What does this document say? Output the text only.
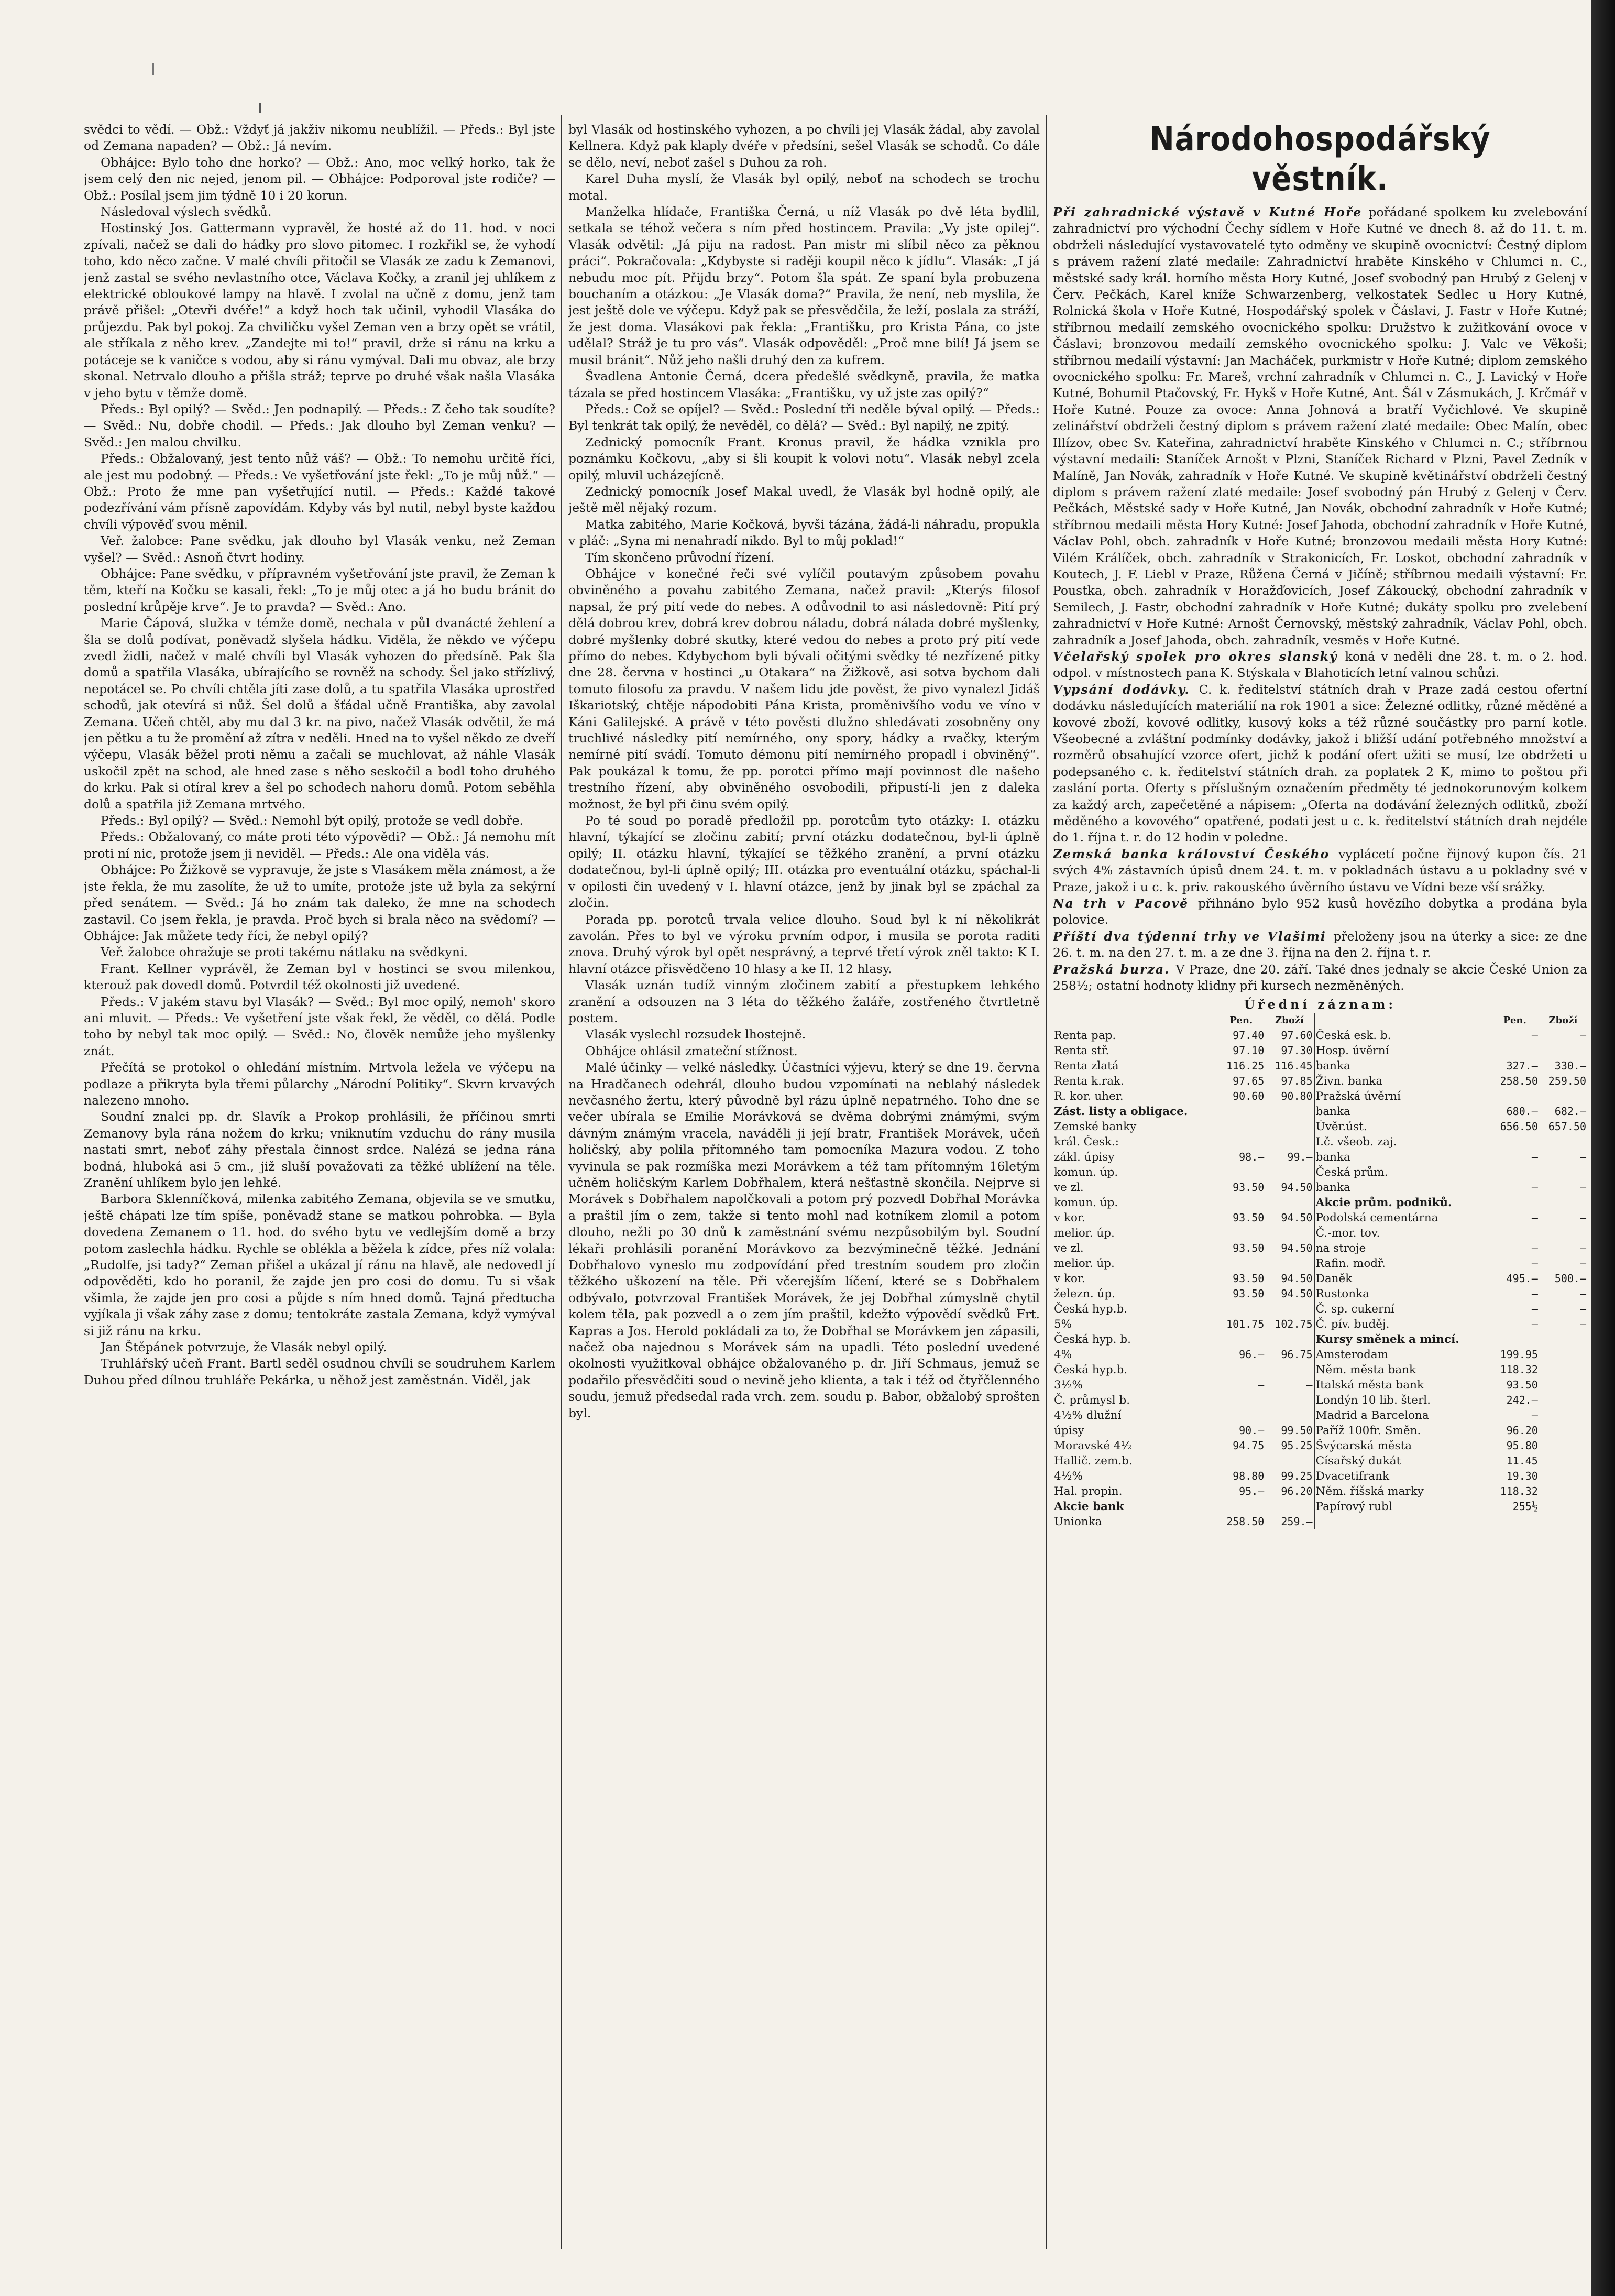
svědci to vědí. — Obž.: Vždyť já jakživ nikomu neublížil. — Předs.: Byl jste od Zemana napaden? — Obž.: Já nevím.

Obhájce: Bylo toho dne horko? — Obž.: Ano, moc velký horko, tak že jsem celý den nic nejed, jenom pil. — Obhájce: Podporoval jste rodiče? — Obž.: Posílal jsem jim týdně 10 i 20 korun.

Následoval výslech svědků.

Hostinský Jos. Gattermann vypravěl, že hosté až do 11. hod. v noci zpívali, načež se dali do hádky pro slovo pitomec. I rozkřikl se, že vyhodí toho, kdo něco začne. V malé chvíli přitočil se Vlasák ze zadu k Zemanovi, jenž zastal se svého nevlastního otce, Václava Kočky, a zranil jej uhlíkem z elektrické obloukové lampy na hlavě. I zvolal na učně z domu, jenž tam právě přišel: „Otevři dvéře!“ a když hoch tak učinil, vyhodil Vlasáka do průjezdu. Pak byl pokoj. Za chviličku vyšel Zeman ven a brzy opět se vrátil, ale stříkala z něho krev. „Zandejte mi to!“ pravil, drže si ránu na krku a potáceje se k vaničce s vodou, aby si ránu vymýval. Dali mu obvaz, ale brzy skonal. Netrvalo dlouho a přišla stráž; teprve po druhé však našla Vlasáka v jeho bytu v těmže domě.

Předs.: Byl opilý? — Svěd.: Jen podnapilý. — Předs.: Z čeho tak soudíte? — Svěd.: Nu, dobře chodil. — Předs.: Jak dlouho byl Zeman venku? — Svěd.: Jen malou chvilku.

Předs.: Obžalovaný, jest tento nůž váš? — Obž.: To nemohu určitě říci, ale jest mu podobný. — Předs.: Ve vyšetřování jste řekl: „To je můj nůž.“ — Obž.: Proto že mne pan vyšetřující nutil. — Předs.: Každé takové podezřívání vám přísně zapovídám. Kdyby vás byl nutil, nebyl byste každou chvíli výpověď svou měnil.

Veř. žalobce: Pane svědku, jak dlouho byl Vlasák venku, než Zeman vyšel? — Svěd.: Asnoň čtvrt hodiny.

Obhájce: Pane svědku, v přípravném vyšetřování jste pravil, že Zeman k těm, kteří na Kočku se kasali, řekl: „To je můj otec a já ho budu bránit do poslední krůpěje krve“. Je to pravda? — Svěd.: Ano.

Marie Čápová, služka v témže domě, nechala v půl dvanácté žehlení a šla se dolů podívat, poněvadž slyšela hádku. Viděla, že někdo ve výčepu zvedl židli, načež v malé chvíli byl Vlasák vyhozen do předsíně. Pak šla domů a spatřila Vlasáka, ubírajícího se rovněž na schody. Šel jako střízlivý, nepotácel se. Po chvíli chtěla jíti zase dolů, a tu spatřila Vlasáka uprostřed schodů, jak otevírá si nůž. Šel dolů a šťádal učně Františka, aby zavolal Zemana. Učeň chtěl, aby mu dal 3 kr. na pivo, načež Vlasák odvětil, že má jen pětku a tu že promění až zítra v neděli. Hned na to vyšel někdo ze dveří výčepu, Vlasák běžel proti němu a začali se muchlovat, až náhle Vlasák uskočil zpět na schod, ale hned zase s něho seskočil a bodl toho druhého do krku. Pak si otíral krev a šel po schodech nahoru domů. Potom seběhla dolů a spatřila již Zemana mrtvého.

Předs.: Byl opilý? — Svěd.: Nemohl být opilý, protože se vedl dobře.

Předs.: Obžalovaný, co máte proti této výpovědi? — Obž.: Já nemohu mít proti ní nic, protože jsem ji neviděl. — Předs.: Ale ona viděla vás.

Obhájce: Po Žižkově se vypravuje, že jste s Vlasákem měla známost, a že jste řekla, že mu zasolíte, že už to umíte, protože jste už byla za sekýrní před senátem. — Svěd.: Já ho znám tak daleko, že mne na schodech zastavil. Co jsem řekla, je pravda. Proč bych si brala něco na svědomí? — Obhájce: Jak můžete tedy říci, že nebyl opilý?

Veř. žalobce ohražuje se proti takému nátlaku na svědkyni.

Frant. Kellner vyprávěl, že Zeman byl v hostinci se svou milenkou, kterouž pak dovedl domů. Potvrdil též okolnosti již uvedené.

Předs.: V jakém stavu byl Vlasák? — Svěd.: Byl moc opilý, nemoh' skoro ani mluvit. — Předs.: Ve vyšetření jste však řekl, že věděl, co dělá. Podle toho by nebyl tak moc opilý. — Svěd.: No, člověk nemůže jeho myšlenky znát.

Přečítá se protokol o ohledání místním. Mrtvola ležela ve výčepu na podlaze a přikryta byla třemi půlarchy „Národní Politiky“. Skvrn krvavých nalezeno mnoho.

Soudní znalci pp. dr. Slavík a Prokop prohlásili, že příčinou smrti Zemanovy byla rána nožem do krku; vniknutím vzduchu do rány musila nastati smrt, neboť záhy přestala činnost srdce. Nalézá se jedna rána bodná, hluboká asi 5 cm., již sluší považovati za těžké ublížení na těle. Zranění uhlíkem bylo jen lehké.

Barbora Sklenníčková, milenka zabitého Zemana, objevila se ve smutku, ještě chápati lze tím spíše, poněvadž stane se matkou pohrobka. — Byla dovedena Zemanem o 11. hod. do svého bytu ve vedlejším domě a brzy potom zaslechla hádku. Rychle se oblékla a běžela k zídce, přes níž volala: „Rudolfe, jsi tady?“ Zeman přišel a ukázal jí ránu na hlavě, ale nedovedl jí odpověděti, kdo ho poranil, že zajde jen pro cosi do domu. Tu si však všimla, že zajde jen pro cosi a půjde s ním hned domů. Tajná předtucha vyjíkala ji však záhy zase z domu; tentokráte zastala Zemana, když vymýval si již ránu na krku.

Jan Štěpánek potvrzuje, že Vlasák nebyl opilý.

Truhlářský učeň Frant. Bartl seděl osudnou chvíli se soudruhem Karlem Duhou před dílnou truhláře Pekárka, u něhož jest zaměstnán. Viděl, jak

byl Vlasák od hostinského vyhozen, a po chvíli jej Vlasák žádal, aby zavolal Kellnera. Když pak klaply dvéře v předsíni, sešel Vlasák se schodů. Co dále se dělo, neví, neboť zašel s Duhou za roh.

Karel Duha myslí, že Vlasák byl opilý, neboť na schodech se trochu motal.

Manželka hlídače, Františka Černá, u níž Vlasák po dvě léta bydlil, setkala se téhož večera s ním před hostincem. Pravila: „Vy jste opilej“. Vlasák odvětil: „Já piju na radost. Pan mistr mi slíbil něco za pěknou práci“. Pokračovala: „Kdybyste si raději koupil něco k jídlu“. Vlasák: „I já nebudu moc pít. Přijdu brzy“. Potom šla spát. Ze spaní byla probuzena bouchaním a otázkou: „Je Vlasák doma?“ Pravila, že není, neb myslila, že jest ještě dole ve výčepu. Když pak se přesvědčila, že leží, poslala za stráží, že jest doma. Vlasákovi pak řekla: „Františku, pro Krista Pána, co jste udělal? Stráž je tu pro vás“. Vlasák odpověděl: „Proč mne bilí! Já jsem se musil bránit“. Nůž jeho našli druhý den za kufrem.

Švadlena Antonie Černá, dcera předešlé svědkyně, pravila, že matka tázala se před hostincem Vlasáka: „Františku, vy už jste zas opilý?“

Předs.: Což se opíjel? — Svěd.: Poslední tři neděle býval opilý. — Předs.: Byl tenkrát tak opilý, že nevěděl, co dělá? — Svěd.: Byl napilý, ne zpitý.

Zednický pomocník Frant. Kronus pravil, že hádka vznikla pro poznámku Kočkovu, „aby si šli koupit k volovi notu“. Vlasák nebyl zcela opilý, mluvil ucházejícně.

Zednický pomocník Josef Makal uvedl, že Vlasák byl hodně opilý, ale ještě měl nějaký rozum.

Matka zabitého, Marie Kočková, byvši tázána, žádá-li náhradu, propukla v pláč: „Syna mi nenahradí nikdo. Byl to můj poklad!“

Tím skončeno průvodní řízení.

Obhájce v konečné řeči své vylíčil poutavým způsobem povahu obviněného a povahu zabitého Zemana, načež pravil: „Kterýs filosof napsal, že prý pití vede do nebes. A odůvodnil to asi následovně: Pití prý dělá dobrou krev, dobrá krev dobrou náladu, dobrá nálada dobré myšlenky, dobré myšlenky dobré skutky, které vedou do nebes a proto prý pití vede přímo do nebes. Kdybychom byli bývali očitými svědky té nezřízené pitky dne 28. června v hostinci „u Otakara“ na Žižkově, asi sotva bychom dali tomuto filosofu za pravdu. V našem lidu jde pověst, že pivo vynalezl Jidáš Iškariotský, chtěje nápodobiti Pána Krista, proměnivšího vodu ve víno v Káni Galilejské. A právě v této pověsti dlužno shledávati zosobněny ony truchlivé následky pití nemírného, ony spory, hádky a rvačky, kterým nemírné pití svádí. Tomuto démonu pití nemírného propadl i obviněný“. Pak poukázal k tomu, že pp. porotci přímo mají povinnost dle našeho trestního řízení, aby obviněného osvobodili, připustí-li jen z daleka možnost, že byl při činu svém opilý.

Po té soud po poradě předložil pp. porotcům tyto otázky: I. otázku hlavní, týkající se zločinu zabití; první otázku dodatečnou, byl-li úplně opilý; II. otázku hlavní, týkající se těžkého zranění, a první otázku dodatečnou, byl-li úplně opilý; III. otázka pro eventuální otázku, spáchal-li v opilosti čin uvedený v I. hlavní otázce, jenž by jinak byl se zpáchal za zločin.

Porada pp. porotců trvala velice dlouho. Soud byl k ní několikrát zavolán. Přes to byl ve výroku prvním odpor, i musila se porota raditi znova. Druhý výrok byl opět nesprávný, a teprvé třetí výrok zněl takto: K I. hlavní otázce přisvědčeno 10 hlasy a ke II. 12 hlasy.

Vlasák uznán tudíž vinným zločinem zabití a přestupkem lehkého zranění a odsouzen na 3 léta do těžkého žaláře, zostřeného čtvrtletně postem.

Vlasák vyslechl rozsudek lhostejně.

Obhájce ohlásil zmateční stížnost.

Malé účinky — velké následky. Účastníci výjevu, který se dne 19. června na Hradčanech odehrál, dlouho budou vzpomínati na neblahý následek nevčasného žertu, který původně byl rázu úplně nepatrného. Toho dne se večer ubírala se Emilie Morávková se dvěma dobrými známými, svým dávným známým vracela, naváděli ji její bratr, František Morávek, učeň holičský, aby polila přítomného tam pomocníka Mazura vodou. Z toho vyvinula se pak rozmíška mezi Morávkem a též tam přítomným 16letým učněm holičským Karlem Dobřhalem, která nešťastně skončila. Nejprve si Morávek s Dobřhalem napolčkovali a potom prý pozvedl Dobřhal Morávka a praštil jím o zem, takže si tento mohl nad kotníkem zlomil a potom dlouho, nežli po 30 dnů k zaměstnání svému nezpůsobilým byl. Soudní lékaři prohlásili poranění Morávkovo za bezvýminečně těžké. Jednání Dobřhalovo vyneslo mu zodpovídání před trestním soudem pro zločin těžkého uškození na těle. Při včerejším líčení, které se s Dobřhalem odbývalo, potvrzoval František Morávek, že jej Dobřhal zúmyslně chytil kolem těla, pak pozvedl a o zem jím praštil, kdežto výpovědí svědků Frt. Kapras a Jos. Herold pokládali za to, že Dobřhal se Morávkem jen zápasili, načež oba najednou s Morávek sám na upadli. Této poslední uvedené okolnosti využitkoval obhájce obžalovaného p. dr. Jiří Schmaus, jemuž se podařilo přesvědčiti soud o nevině jeho klienta, a tak i též od čtyřčlenného soudu, jemuž předsedal rada vrch. zem. soudu p. Babor, obžalobý sprošten byl.

Národohospodářský věstník.

Při zahradnické výstavě v Kutné Hoře pořádané spolkem ku zvelebování zahradnictví pro východní Čechy sídlem v Hoře Kutné ve dnech 8. až do 11. t. m. obdrželi následující vystavovatelé tyto odměny ve skupině ovocnictví: Čestný diplom s právem ražení zlaté medaile: Zahradnictví hraběte Kinského v Chlumci n. C., městské sady král. horního města Hory Kutné, Josef svobodný pan Hrubý z Gelenj v Červ. Pečkách, Karel kníže Schwarzenberg, velkostatek Sedlec u Hory Kutné, Rolnická škola v Hoře Kutné, Hospodářský spolek v Čáslavi, J. Fastr v Hoře Kutné; stříbrnou medailí zemského ovocnického spolku: Družstvo k zužitkování ovoce v Čáslavi; bronzovou medailí zemského ovocnického spolku: J. Valc ve Věkoši; stříbrnou medailí výstavní: Jan Macháček, purkmistr v Hoře Kutné; diplom zemského ovocnického spolku: Fr. Mareš, vrchní zahradník v Chlumci n. C., J. Lavický v Hoře Kutné, Bohumil Ptačovský, Fr. Hykš v Hoře Kutné, Ant. Šál v Zásmukách, J. Krčmář v Hoře Kutné. Pouze za ovoce: Anna Johnová a bratří Vyčichlové. Ve skupině zelinářství obdrželi čestný diplom s právem ražení zlaté medaile: Obec Malín, obec Illízov, obec Sv. Kateřina, zahradnictví hraběte Kinského v Chlumci n. C.; stříbrnou výstavní medaili: Staníček Arnošt v Plzni, Staníček Richard v Plzni, Pavel Zedník v Malíně, Jan Novák, zahradník v Hoře Kutné. Ve skupině květinářství obdrželi čestný diplom s právem ražení zlaté medaile: Josef svobodný pán Hrubý z Gelenj v Červ. Pečkách, Městské sady v Hoře Kutné, Jan Novák, obchodní zahradník v Hoře Kutné; stříbrnou medaili města Hory Kutné: Josef Jahoda, obchodní zahradník v Hoře Kutné, Václav Pohl, obch. zahradník v Hoře Kutné; bronzovou medaili města Hory Kutné: Vilém Králíček, obch. zahradník v Strakonicích, Fr. Loskot, obchodní zahradník v Koutech, J. F. Liebl v Praze, Růžena Černá v Jičíně; stříbrnou medaili výstavní: Fr. Poustka, obch. zahradník v Horažďovicích, Josef Zákoucký, obchodní zahradník v Semilech, J. Fastr, obchodní zahradník v Hoře Kutné; dukáty spolku pro zvelebení zahradnictví v Hoře Kutné: Arnošt Černovský, městský zahradník, Václav Pohl, obch. zahradník a Josef Jahoda, obch. zahradník, vesměs v Hoře Kutné.

Včelařský spolek pro okres slanský koná v neděli dne 28. t. m. o 2. hod. odpol. v místnostech pana K. Stýskala v Blahoticích letní valnou schůzi.

Vypsání dodávky. C. k. ředitelství státních drah v Praze zadá cestou ofertní dodávku následujících materiálií na rok 1901 a sice: Železné odlitky, různé měděné a kovové zboží, kovové odlitky, kusový koks a též různé součástky pro parní kotle. Všeobecné a zvláštní podmínky dodávky, jakož i bližší udání potřebného množství a rozměrů obsahující vzorce ofert, jichž k podání ofert užiti se musí, lze obdržeti u podepsaného c. k. ředitelství státních drah. za poplatek 2 K, mimo to poštou při zaslání porta. Oferty s příslušným označením předměty té jednokorunovým kolkem za každý arch, zapečetěné a nápisem: „Oferta na dodávání železných odlitků, zboží měděného a kovového“ opatřené, podati jest u c. k. ředitelství státních drah nejdéle do 1. října t. r. do 12 hodin v poledne.

Zemská banka království Českého vyplácetí počne řijnový kupon čís. 21 svých 4% zástavních úpisů dnem 24. t. m. v pokladnách ústavu a u pokladny své v Praze, jakož i u c. k. priv. rakouského úvěrního ústavu ve Vídni beze vší srážky.

Na trh v Pacově přihnáno bylo 952 kusů hovězího dobytka a prodána byla polovice.

Příští dva týdenní trhy ve Vlašimi přeloženy jsou na úterky a sice: ze dne 26. t. m. na den 27. t. m. a ze dne 3. října na den 2. října t. r.

Pražská burza. V Praze, dne 20. září. Také dnes jednaly se akcie České Union za 258½; ostatní hodnoty klidny při kursech nezměněných.

Úřední záznam:
	Pen.	Zboží		Pen.	Zboží
Renta pap.	97.40	97.60	Česká esk. b.	—	—
Renta stř.	97.10	97.30	Hosp. úvěrní		
Renta zlatá	116.25	116.45	banka	327.—	330.—
Renta k.rak.	97.65	97.85	Živn. banka	258.50	259.50
R. kor. uher.	90.60	90.80	Pražská úvěrní		
Zást. listy a obligace.			banka	680.—	682.—
Zemské banky			Úvěr.úst.	656.50	657.50
král. Česk.:			I.č. všeob. zaj.		
zákl. úpisy	98.—	99.—	banka	—	—
komun. úp.			Česká prům.		
ve zl.	93.50	94.50	banka	—	—
komun. úp.			Akcie prům. podniků.		
v kor.	93.50	94.50	Podolská cementárna	—	—
melior. úp.			Č.-mor. tov.		
ve zl.	93.50	94.50	na stroje	—	—
melior. úp.			Rafin. modř.	—	—
v kor.	93.50	94.50	Daněk	495.—	500.—
železn. úp.	93.50	94.50	Rustonka	—	—
Česká hyp.b.			Č. sp. cukerní	—	—
5%	101.75	102.75	Č. pív. buděj.	—	—
Česká hyp. b.			Kursy směnek a mincí.		
4%	96.—	96.75	Amsterodam	199.95	
Česká hyp.b.			Něm. města bank	118.32	
3½%	—	—	Italská města bank	93.50	
Č. průmysl b.			Londýn 10 lib. šterl.	242.—	
4½% dlužní			Madrid a Barcelona	—	
úpisy	90.—	99.50	Paříž 100fr. Směn.	96.20	
Moravské 4½	94.75	95.25	Švýcarská města	95.80	
Hallič. zem.b.			Císařský dukát	11.45	
4½%	98.80	99.25	Dvacetifrank	19.30	
Hal. propin.	95.—	96.20	Něm. říšská marky	118.32	
Akcie bank			Papírový rubl	255½	
Unionka	258.50	259.—			
